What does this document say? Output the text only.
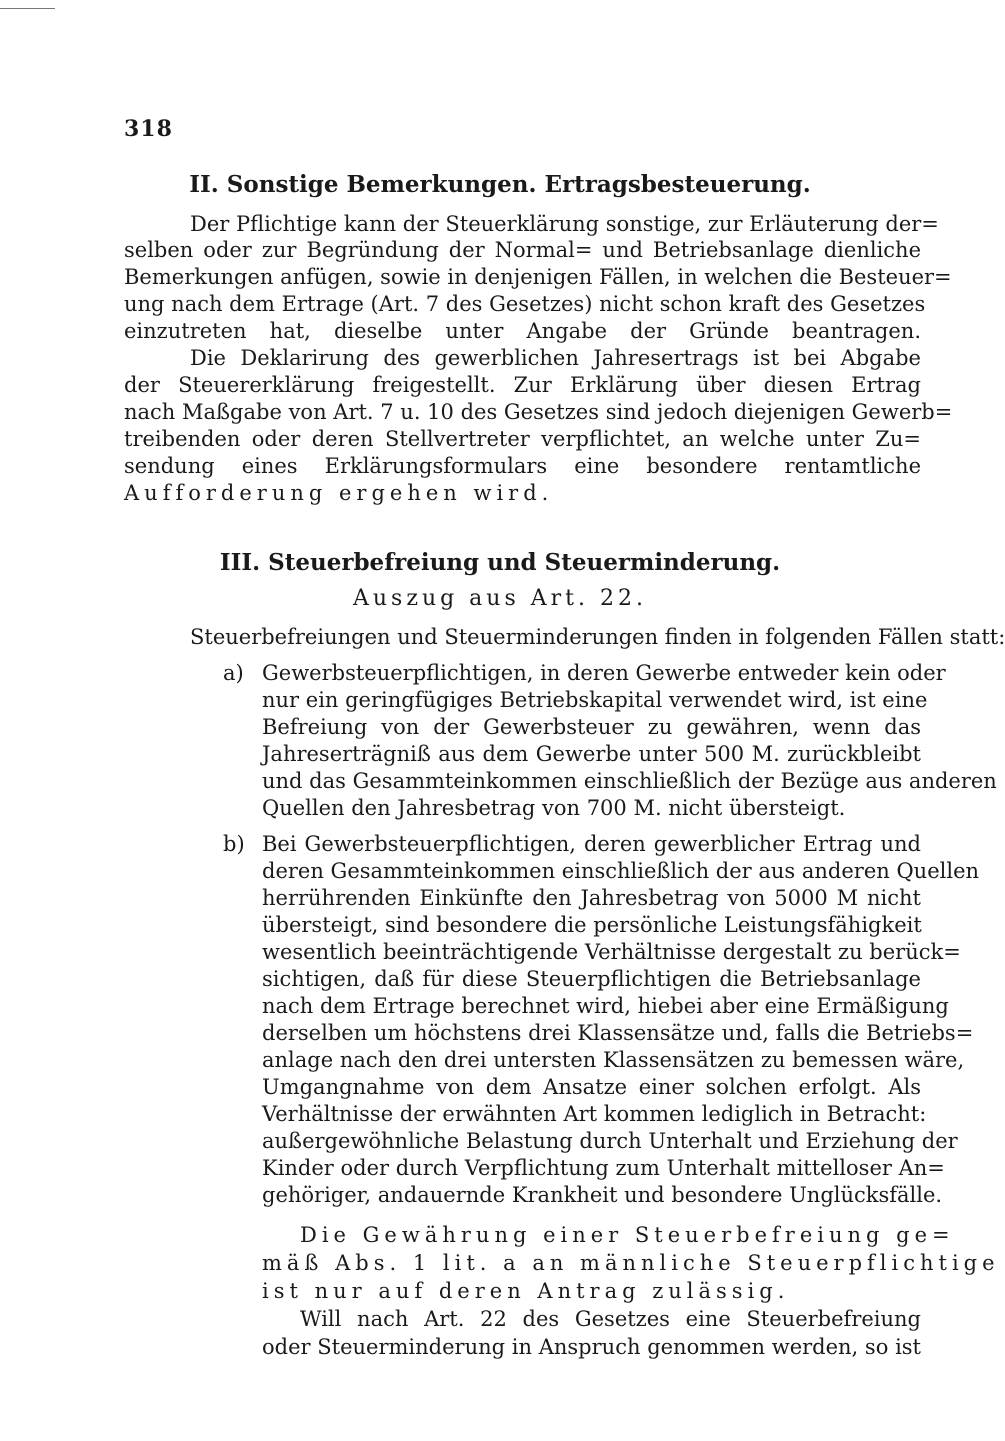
318
II. Sonstige Bemerkungen. Ertragsbesteuerung.
Der Pflichtige kann der Steuerklärung sonstige, zur Erläuterung der=
selben oder zur Begründung der Normal= und Betriebsanlage dienliche
Bemerkungen anfügen, sowie in denjenigen Fällen, in welchen die Besteuer=
ung nach dem Ertrage (Art. 7 des Gesetzes) nicht schon kraft des Gesetzes
einzutreten hat, dieselbe unter Angabe der Gründe beantragen.
Die Deklarirung des gewerblichen Jahresertrags ist bei Abgabe
der Steuererklärung freigestellt. Zur Erklärung über diesen Ertrag
nach Maßgabe von Art. 7 u. 10 des Gesetzes sind jedoch diejenigen Gewerb=
treibenden oder deren Stellvertreter verpflichtet, an welche unter Zu=
sendung eines Erklärungsformulars eine besondere rentamtliche
Aufforderung ergehen wird.
III. Steuerbefreiung und Steuerminderung.
Auszug aus Art. 22.
Steuerbefreiungen und Steuerminderungen finden in folgenden Fällen statt:
a) Gewerbsteuerpflichtigen, in deren Gewerbe entweder kein oder
nur ein geringfügiges Betriebskapital verwendet wird, ist eine
Befreiung von der Gewerbsteuer zu gewähren, wenn das
Jahreserträgniß aus dem Gewerbe unter 500 M. zurückbleibt
und das Gesammteinkommen einschließlich der Bezüge aus anderen
Quellen den Jahresbetrag von 700 M. nicht übersteigt.
b) Bei Gewerbsteuerpflichtigen, deren gewerblicher Ertrag und
deren Gesammteinkommen einschließlich der aus anderen Quellen
herrührenden Einkünfte den Jahresbetrag von 5000 M nicht
übersteigt, sind besondere die persönliche Leistungsfähigkeit
wesentlich beeinträchtigende Verhältnisse dergestalt zu berück=
sichtigen, daß für diese Steuerpflichtigen die Betriebsanlage
nach dem Ertrage berechnet wird, hiebei aber eine Ermäßigung
derselben um höchstens drei Klassensätze und, falls die Betriebs=
anlage nach den drei untersten Klassensätzen zu bemessen wäre,
Umgangnahme von dem Ansatze einer solchen erfolgt. Als
Verhältnisse der erwähnten Art kommen lediglich in Betracht:
außergewöhnliche Belastung durch Unterhalt und Erziehung der
Kinder oder durch Verpflichtung zum Unterhalt mittelloser An=
gehöriger, andauernde Krankheit und besondere Unglücksfälle.
Die Gewährung einer Steuerbefreiung ge=
mäß Abs. 1 lit. a an männliche Steuerpflichtige
ist nur auf deren Antrag zulässig.
Will nach Art. 22 des Gesetzes eine Steuerbefreiung
oder Steuerminderung in Anspruch genommen werden, so ist
